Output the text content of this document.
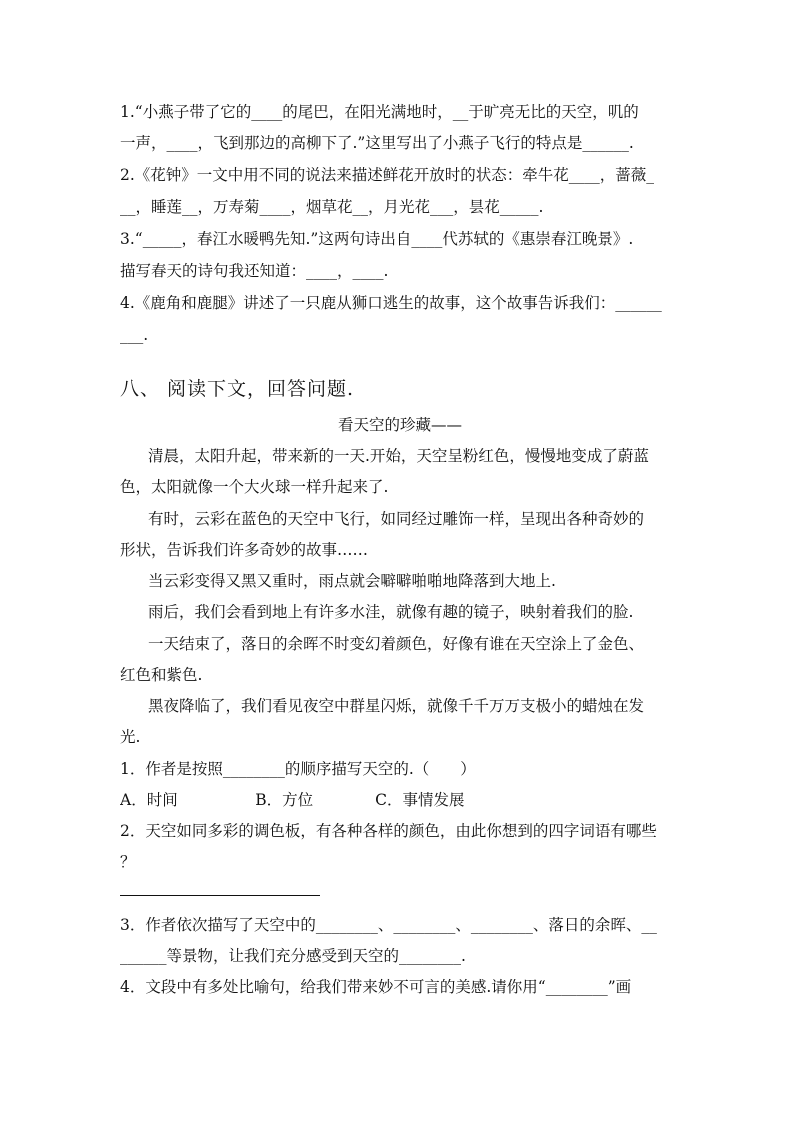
1.“小燕子带了它的____的尾巴，在阳光满地时，__于旷亮无比的天空，叽的
一声，____，飞到那边的高柳下了.”这里写出了小燕子飞行的特点是______.
2.《花钟》一文中用不同的说法来描述鲜花开放时的状态：牵牛花____，蔷薇_
__，睡莲__，万寿菊____，烟草花__，月光花___，昙花_____.
3.“_____，春江水暖鸭先知.”这两句诗出自____代苏轼的《惠崇春江晚景》.
描写春天的诗句我还知道：____，____.
4.《鹿角和鹿腿》讲述了一只鹿从狮口逃生的故事，这个故事告诉我们：______
___.
八、 阅读下文，回答问题.
看天空的珍藏——
清晨，太阳升起，带来新的一天.开始，天空呈粉红色，慢慢地变成了蔚蓝
色，太阳就像一个大火球一样升起来了.
有时，云彩在蓝色的天空中飞行，如同经过雕饰一样，呈现出各种奇妙的
形状，告诉我们许多奇妙的故事……
当云彩变得又黑又重时，雨点就会噼噼啪啪地降落到大地上.
雨后，我们会看到地上有许多水洼，就像有趣的镜子，映射着我们的脸.
一天结束了，落日的余晖不时变幻着颜色，好像有谁在天空涂上了金色、
红色和紫色.
黑夜降临了，我们看见夜空中群星闪烁，就像千千万万支极小的蜡烛在发
光.
1．作者是按照________的顺序描写天空的.（　　）
A．时间　　　　　B．方位　　　　C．事情发展
2．天空如同多彩的调色板，有各种各样的颜色，由此你想到的四字词语有哪些
？
3．作者依次描写了天空中的________、________、________、落日的余晖、__
______等景物，让我们充分感受到天空的________.
4．文段中有多处比喻句，给我们带来妙不可言的美感.请你用“________”画
